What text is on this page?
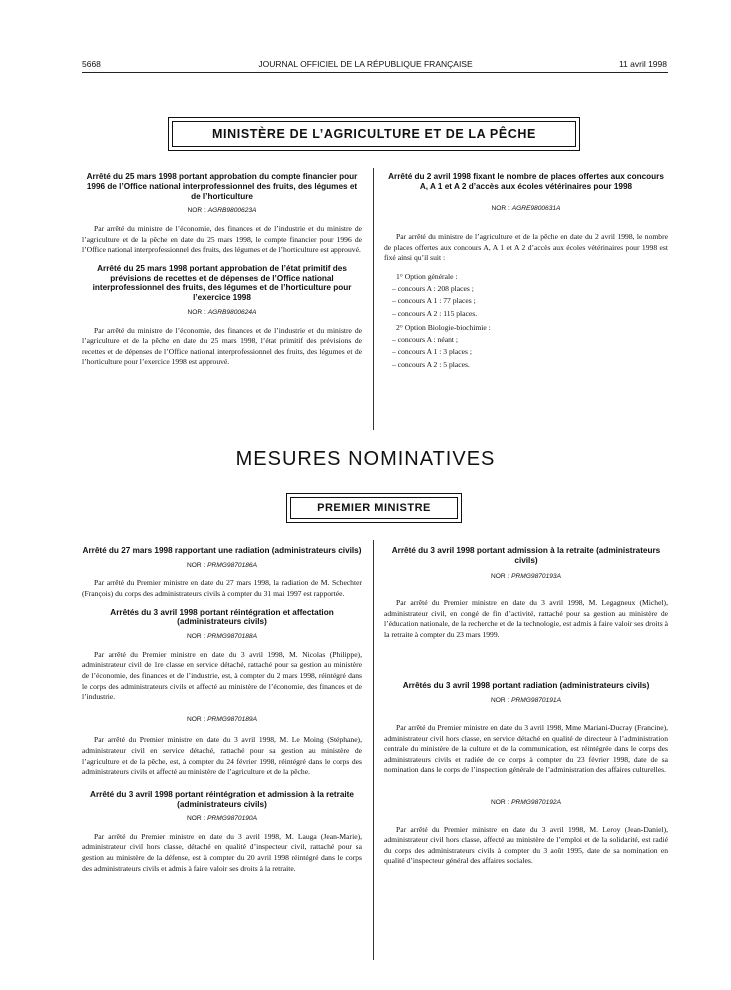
5668	JOURNAL OFFICIEL DE LA RÉPUBLIQUE FRANÇAISE	11 avril 1998
MINISTÈRE DE L’AGRICULTURE ET DE LA PÊCHE
Arrêté du 25 mars 1998 portant approbation du compte financier pour 1996 de l’Office national interprofessionnel des fruits, des légumes et de l’horticulture
NOR : AGRB9800623A

Par arrêté du ministre de l’économie, des finances et de l’industrie et du ministre de l’agriculture et de la pêche en date du 25 mars 1998, le compte financier pour 1996 de l’Office national interprofessionnel des fruits, des légumes et de l’horticulture est approuvé.

Arrêté du 25 mars 1998 portant approbation de l’état primitif des prévisions de recettes et de dépenses de l’Office national interprofessionnel des fruits, des légumes et de l’horticulture pour l’exercice 1998
NOR : AGRB9800624A

Par arrêté du ministre de l’économie, des finances et de l’industrie et du ministre de l’agriculture et de la pêche en date du 25 mars 1998, l’état primitif des prévisions de recettes et de dépenses de l’Office national interprofessionnel des fruits, des légumes et de l’horticulture pour l’exercice 1998 est approuvé.

Arrêté du 2 avril 1998 fixant le nombre de places offertes aux concours A, A 1 et A 2 d’accès aux écoles vétérinaires pour 1998
NOR : AGRE9800631A

Par arrêté du ministre de l’agriculture et de la pêche en date du 2 avril 1998, le nombre de places offertes aux concours A, A 1 et A 2 d’accès aux écoles vétérinaires pour 1998 est fixé ainsi qu’il suit :

1° Option générale :
– concours A : 208 places ;
– concours A 1 : 77 places ;
– concours A 2 : 115 places.
2° Option Biologie-biochimie :
– concours A : néant ;
– concours A 1 : 3 places ;
– concours A 2 : 5 places.
MESURES NOMINATIVES
PREMIER MINISTRE
Arrêté du 27 mars 1998 rapportant une radiation (administrateurs civils)
NOR : PRMG9870186A

Par arrêté du Premier ministre en date du 27 mars 1998, la radiation de M. Schechter (François) du corps des administrateurs civils à compter du 31 mai 1997 est rapportée.

Arrêtés du 3 avril 1998 portant réintégration et affectation (administrateurs civils)
NOR : PRMG9870188A

Par arrêté du Premier ministre en date du 3 avril 1998, M. Nicolas (Philippe), administrateur civil de 1re classe en service détaché, rattaché pour sa gestion au ministère de l’économie, des finances et de l’industrie, est, à compter du 2 mars 1998, réintégré dans le corps des administrateurs civils et affecté au ministère de l’économie, des finances et de l’industrie.

NOR : PRMG9870189A

Par arrêté du Premier ministre en date du 3 avril 1998, M. Le Moing (Stéphane), administrateur civil en service détaché, rattaché pour sa gestion au ministère de l’agriculture et de la pêche, est, à compter du 24 février 1998, réintégré dans le corps des administrateurs civils et affecté au ministère de l’agriculture et de la pêche.

Arrêté du 3 avril 1998 portant réintégration et admission à la retraite (administrateurs civils)
NOR : PRMG9870190A

Par arrêté du Premier ministre en date du 3 avril 1998, M. Lauga (Jean-Marie), administrateur civil hors classe, détaché en qualité d’inspecteur civil, rattaché pour sa gestion au ministère de la défense, est à compter du 20 avril 1998 réintégré dans le corps des administrateurs civils et admis à faire valoir ses droits à la retraite.

Arrêté du 3 avril 1998 portant admission à la retraite (administrateurs civils)
NOR : PRMG9870193A

Par arrêté du Premier ministre en date du 3 avril 1998, M. Legagneux (Michel), administrateur civil, en congé de fin d’activité, rattaché pour sa gestion au ministère de l’éducation nationale, de la recherche et de la technologie, est admis à faire valoir ses droits à la retraite à compter du 23 mars 1999.

Arrêtés du 3 avril 1998 portant radiation (administrateurs civils)
NOR : PRMG9870191A

Par arrêté du Premier ministre en date du 3 avril 1998, Mme Mariani-Ducray (Francine), administrateur civil hors classe, en service détaché en qualité de directeur à l’administration centrale du ministère de la culture et de la communication, est réintégrée dans le corps des administrateurs civils et radiée de ce corps à compter du 23 février 1998, date de sa nomination dans le corps de l’inspection générale de l’administration des affaires culturelles.

NOR : PRMG9870192A

Par arrêté du Premier ministre en date du 3 avril 1998, M. Leroy (Jean-Daniel), administrateur civil hors classe, affecté au ministère de l’emploi et de la solidarité, est radié du corps des administrateurs civils à compter du 3 août 1995, date de sa nomination en qualité d’inspecteur général des affaires sociales.
